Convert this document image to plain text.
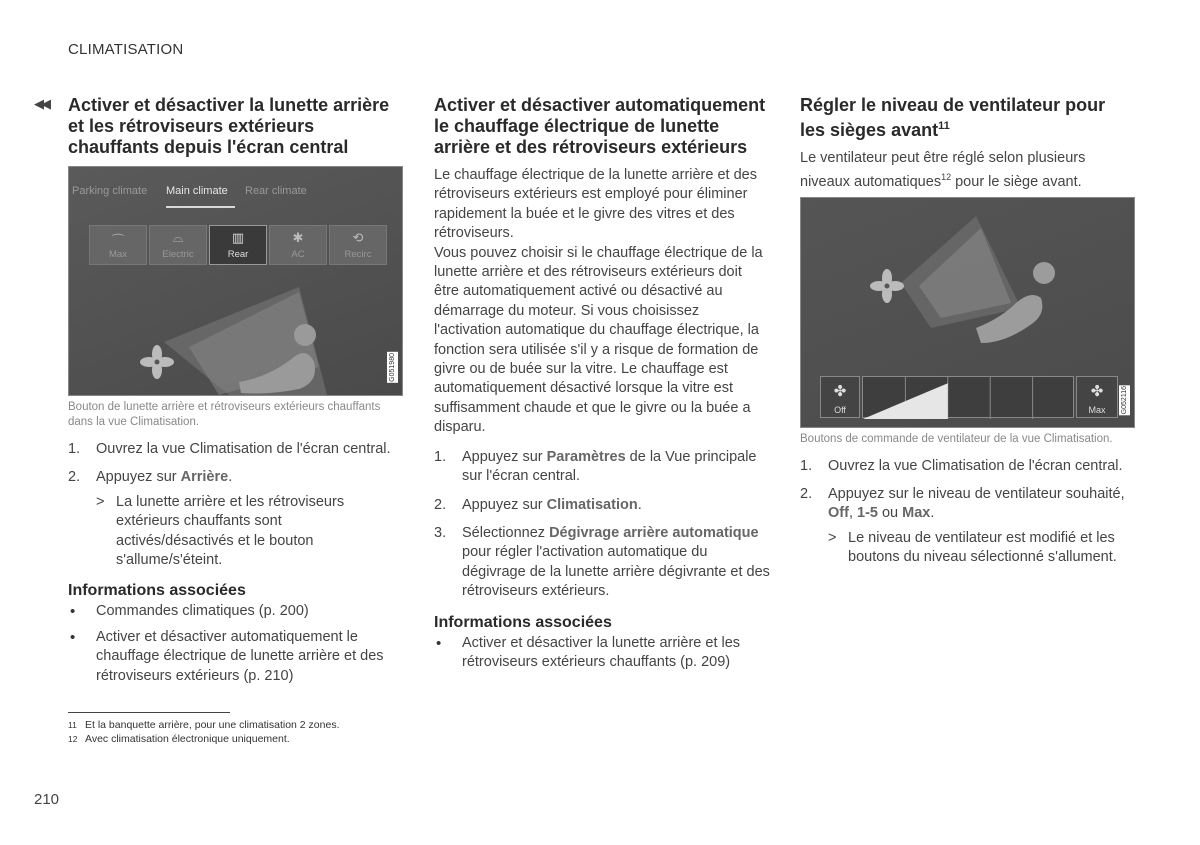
CLIMATISATION
◀◀ Activer et désactiver la lunette arrière et les rétroviseurs extérieurs chauffants depuis l'écran central
Parking climate Main climate Rear climate
⌒
Max
⌓
Electric
▥
Rear
✱
AC
⟲
Recirc
G051980
Bouton de lunette arrière et rétroviseurs extérieurs chauffants dans la vue Climatisation.
1. Ouvrez la vue Climatisation de l'écran central.
2. Appuyez sur Arrière.
> La lunette arrière et les rétroviseurs extérieurs chauffants sont activés/désactivés et le bouton s'allume/s'éteint.
Informations associées
• Commandes climatiques (p. 200)
• Activer et désactiver automatiquement le chauffage électrique de lunette arrière et des rétroviseurs extérieurs (p. 210)
Activer et désactiver automatiquement le chauffage électrique de lunette arrière et des rétroviseurs extérieurs

Le chauffage électrique de la lunette arrière et des rétroviseurs extérieurs est employé pour éliminer rapidement la buée et le givre des vitres et des rétroviseurs.

Vous pouvez choisir si le chauffage électrique de la lunette arrière et des rétroviseurs extérieurs doit être automatiquement activé ou désactivé au démarrage du moteur. Si vous choisissez l'activation automatique du chauffage électrique, la fonction sera utilisée s'il y a risque de formation de givre ou de buée sur la vitre. Le chauffage est automatiquement désactivé lorsque la vitre est suffisamment chaude et que le givre ou la buée a disparu.

1. Appuyez sur Paramètres de la Vue principale sur l'écran central.
2. Appuyez sur Climatisation.
3. Sélectionnez Dégivrage arrière automatique pour régler l'activation automatique du dégivrage de la lunette arrière dégivrante et des rétroviseurs extérieurs.
Informations associées
• Activer et désactiver la lunette arrière et les rétroviseurs extérieurs chauffants (p. 209)
Régler le niveau de ventilateur pour les sièges avant$^{11}$

Le ventilateur peut être réglé selon plusieurs niveaux automatiques$^{12}$ pour le siège avant.

✤
Off
✤
Max	G052116
Boutons de commande de ventilateur de la vue Climatisation.
1. Ouvrez la vue Climatisation de l'écran central.
2. Appuyez sur le niveau de ventilateur souhaité, Off, 1-5 ou Max.
> Le niveau de ventilateur est modifié et les boutons du niveau sélectionné s'allument.
11 Et la banquette arrière, pour une climatisation 2 zones.
12 Avec climatisation électronique uniquement.
210
